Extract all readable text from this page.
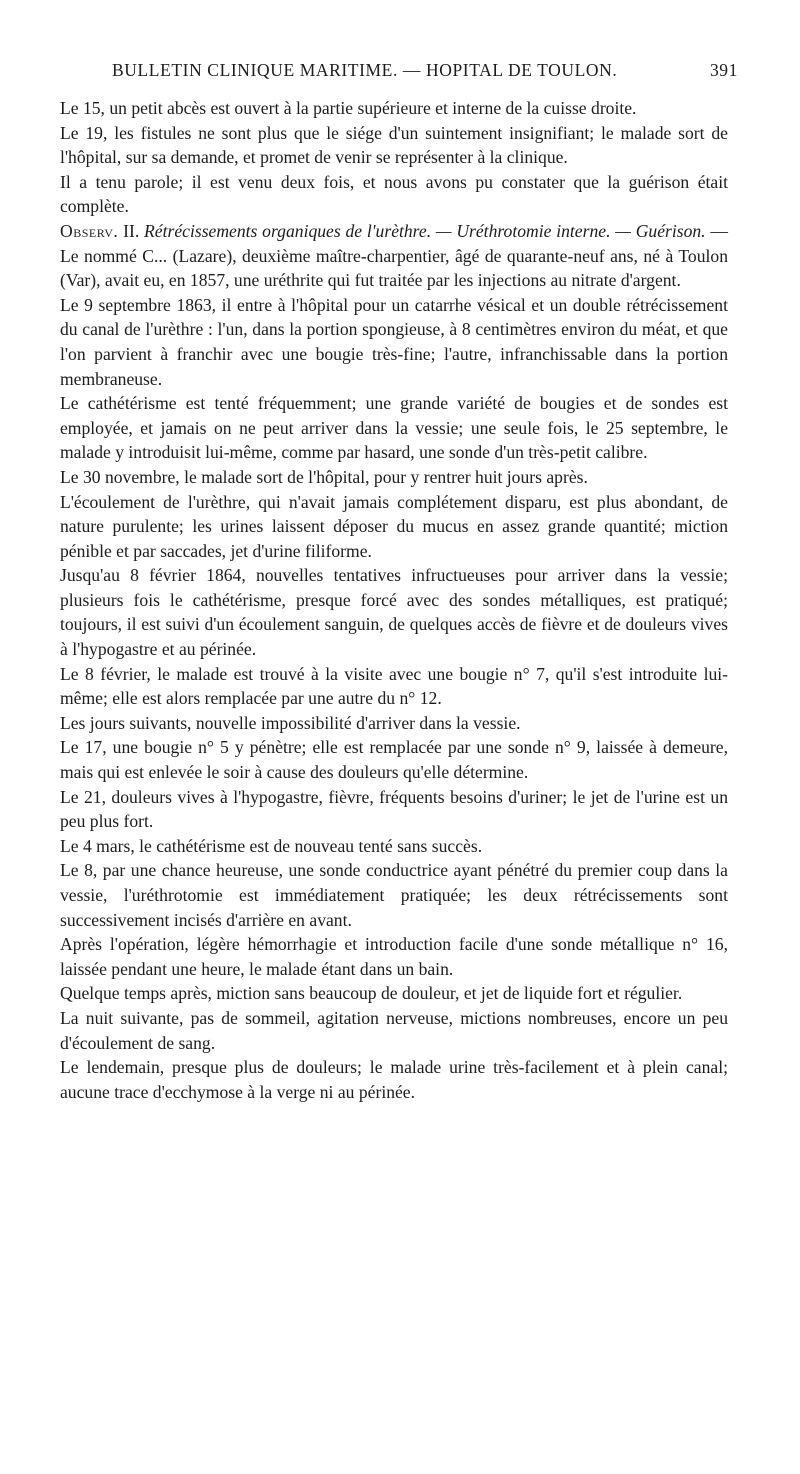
BULLETIN CLINIQUE MARITIME. — HOPITAL DE TOULON.	391

Le 15, un petit abcès est ouvert à la partie supérieure et interne de la cuisse droite.

Le 19, les fistules ne sont plus que le siége d'un suintement insignifiant; le malade sort de l'hôpital, sur sa demande, et promet de venir se représenter à la clinique.

Il a tenu parole; il est venu deux fois, et nous avons pu constater que la guérison était complète.

Observ. II. Rétrécissements organiques de l'urèthre. — Uréthrotomie interne. — Guérison. — Le nommé C... (Lazare), deuxième maître-charpentier, âgé de quarante-neuf ans, né à Toulon (Var), avait eu, en 1857, une uréthrite qui fut traitée par les injections au nitrate d'argent.

Le 9 septembre 1863, il entre à l'hôpital pour un catarrhe vésical et un double rétrécissement du canal de l'urèthre : l'un, dans la portion spongieuse, à 8 centimètres environ du méat, et que l'on parvient à franchir avec une bougie très-fine; l'autre, infranchissable dans la portion membraneuse.

Le cathétérisme est tenté fréquemment; une grande variété de bougies et de sondes est employée, et jamais on ne peut arriver dans la vessie; une seule fois, le 25 septembre, le malade y introduisit lui-même, comme par hasard, une sonde d'un très-petit calibre.

Le 30 novembre, le malade sort de l'hôpital, pour y rentrer huit jours après.

L'écoulement de l'urèthre, qui n'avait jamais complétement disparu, est plus abondant, de nature purulente; les urines laissent déposer du mucus en assez grande quantité; miction pénible et par saccades, jet d'urine filiforme.

Jusqu'au 8 février 1864, nouvelles tentatives infructueuses pour arriver dans la vessie; plusieurs fois le cathétérisme, presque forcé avec des sondes métalliques, est pratiqué; toujours, il est suivi d'un écoulement sanguin, de quelques accès de fièvre et de douleurs vives à l'hypogastre et au périnée.

Le 8 février, le malade est trouvé à la visite avec une bougie n° 7, qu'il s'est introduite lui-même; elle est alors remplacée par une autre du n° 12.

Les jours suivants, nouvelle impossibilité d'arriver dans la vessie.

Le 17, une bougie n° 5 y pénètre; elle est remplacée par une sonde n° 9, laissée à demeure, mais qui est enlevée le soir à cause des douleurs qu'elle détermine.

Le 21, douleurs vives à l'hypogastre, fièvre, fréquents besoins d'uriner; le jet de l'urine est un peu plus fort.

Le 4 mars, le cathétérisme est de nouveau tenté sans succès.

Le 8, par une chance heureuse, une sonde conductrice ayant pénétré du premier coup dans la vessie, l'uréthrotomie est immédiatement pratiquée; les deux rétrécissements sont successivement incisés d'arrière en avant.

Après l'opération, légère hémorrhagie et introduction facile d'une sonde métallique n° 16, laissée pendant une heure, le malade étant dans un bain.

Quelque temps après, miction sans beaucoup de douleur, et jet de liquide fort et régulier.

La nuit suivante, pas de sommeil, agitation nerveuse, mictions nombreuses, encore un peu d'écoulement de sang.

Le lendemain, presque plus de douleurs; le malade urine très-facilement et à plein canal; aucune trace d'ecchymose à la verge ni au périnée.
